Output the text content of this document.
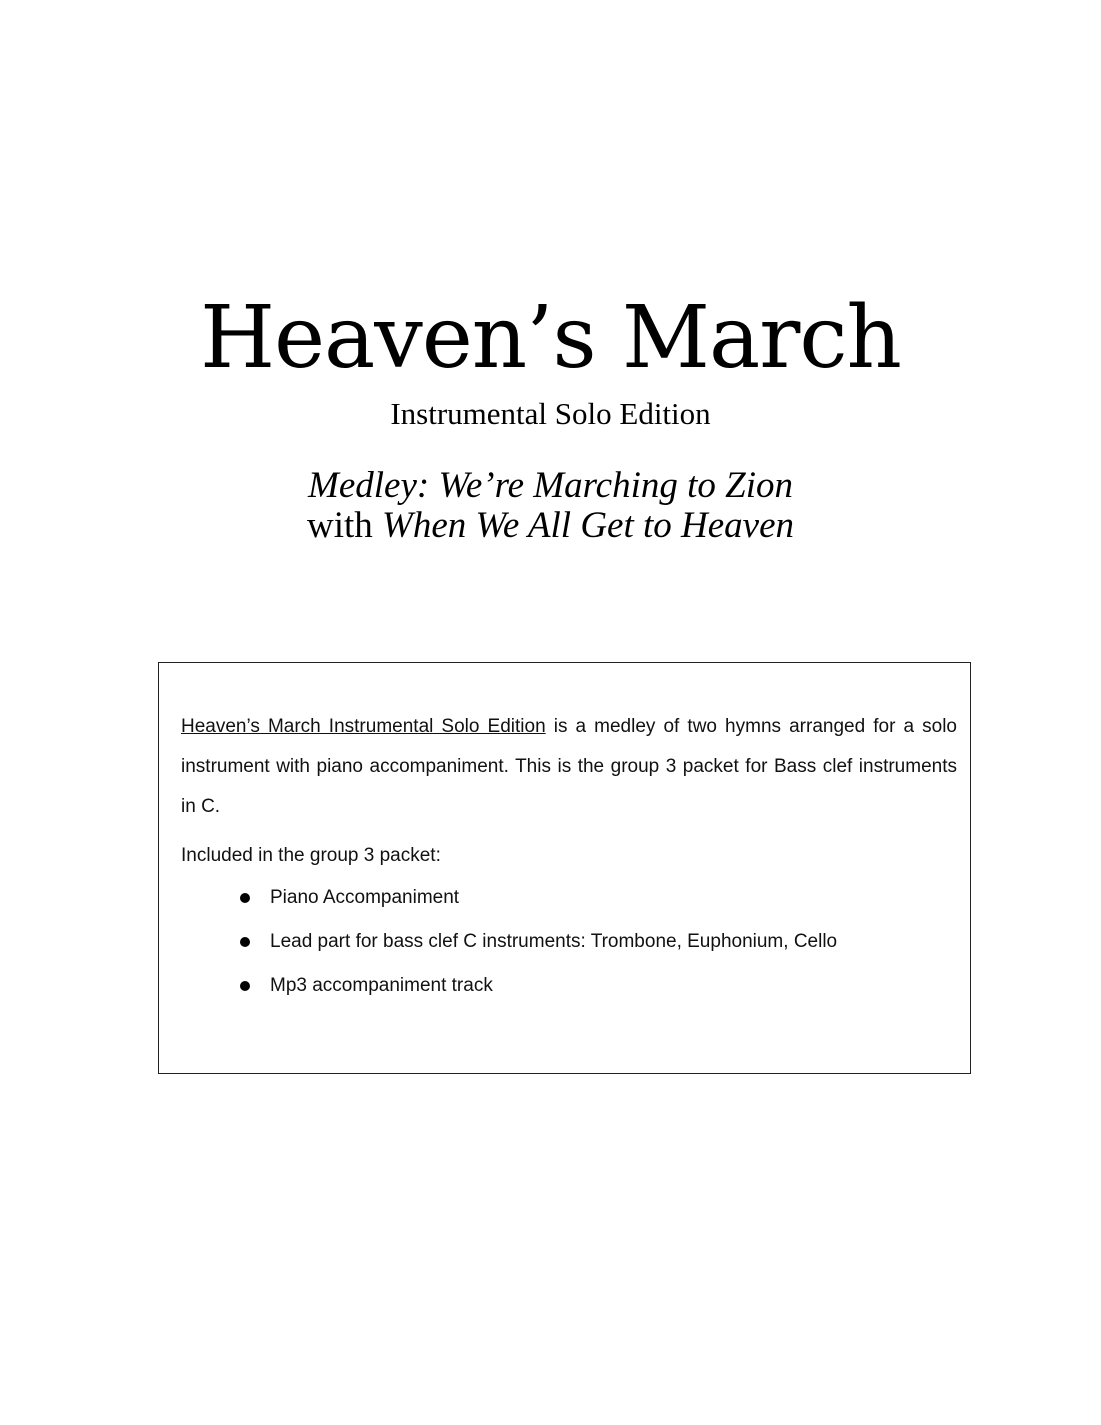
Heaven’s March
Instrumental Solo Edition
Medley: We’re Marching to Zion
with When We All Get to Heaven

Heaven’s March Instrumental Solo Edition is a medley of two hymns arranged for a solo instrument with piano accompaniment. This is the group 3 packet for Bass clef instruments in C.

Included in the group 3 packet:

Piano Accompaniment
Lead part for bass clef C instruments: Trombone, Euphonium, Cello
Mp3 accompaniment track
